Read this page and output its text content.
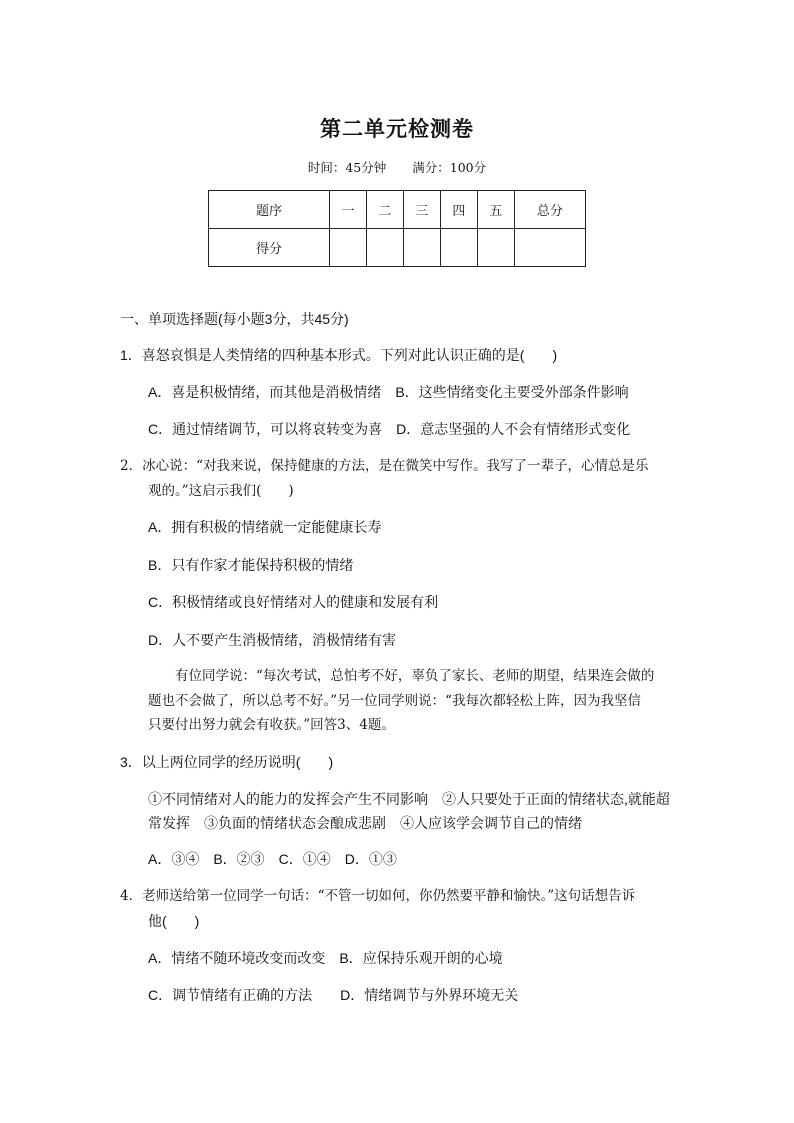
第二单元检测卷
时间：45分钟 满分：100分
题序	一	二	三	四	五	总分
得分						
一、单项选择题(每小题3分，共45分)
1．喜怒哀惧是人类情绪的四种基本形式。下列对此认识正确的是(　　)
A．喜是积极情绪，而其他是消极情绪　B．这些情绪变化主要受外部条件影响
C．通过情绪调节，可以将哀转变为喜　D．意志坚强的人不会有情绪形式变化
2．冰心说：“对我来说，保持健康的方法，是在微笑中写作。我写了一辈子，心情总是乐
观的。”这启示我们(　　)
A．拥有积极的情绪就一定能健康长寿
B．只有作家才能保持积极的情绪
C．积极情绪或良好情绪对人的健康和发展有利
D．人不要产生消极情绪，消极情绪有害
有位同学说：“每次考试，总怕考不好，辜负了家长、老师的期望，结果连会做的
题也不会做了，所以总考不好。”另一位同学则说：“我每次都轻松上阵，因为我坚信
只要付出努力就会有收获。”回答3、4题。
3．以上两位同学的经历说明(　　)
①不同情绪对人的能力的发挥会产生不同影响　②人只要处于正面的情绪状态,就能超
常发挥　③负面的情绪状态会酿成悲剧　④人应该学会调节自己的情绪
A．③④　B．②③　C．①④　D．①③
4．老师送给第一位同学一句话：“不管一切如何，你仍然要平静和愉快。”这句话想告诉
他(　　)
A．情绪不随环境改变而改变　B．应保持乐观开朗的心境
C．调节情绪有正确的方法　　D．情绪调节与外界环境无关
